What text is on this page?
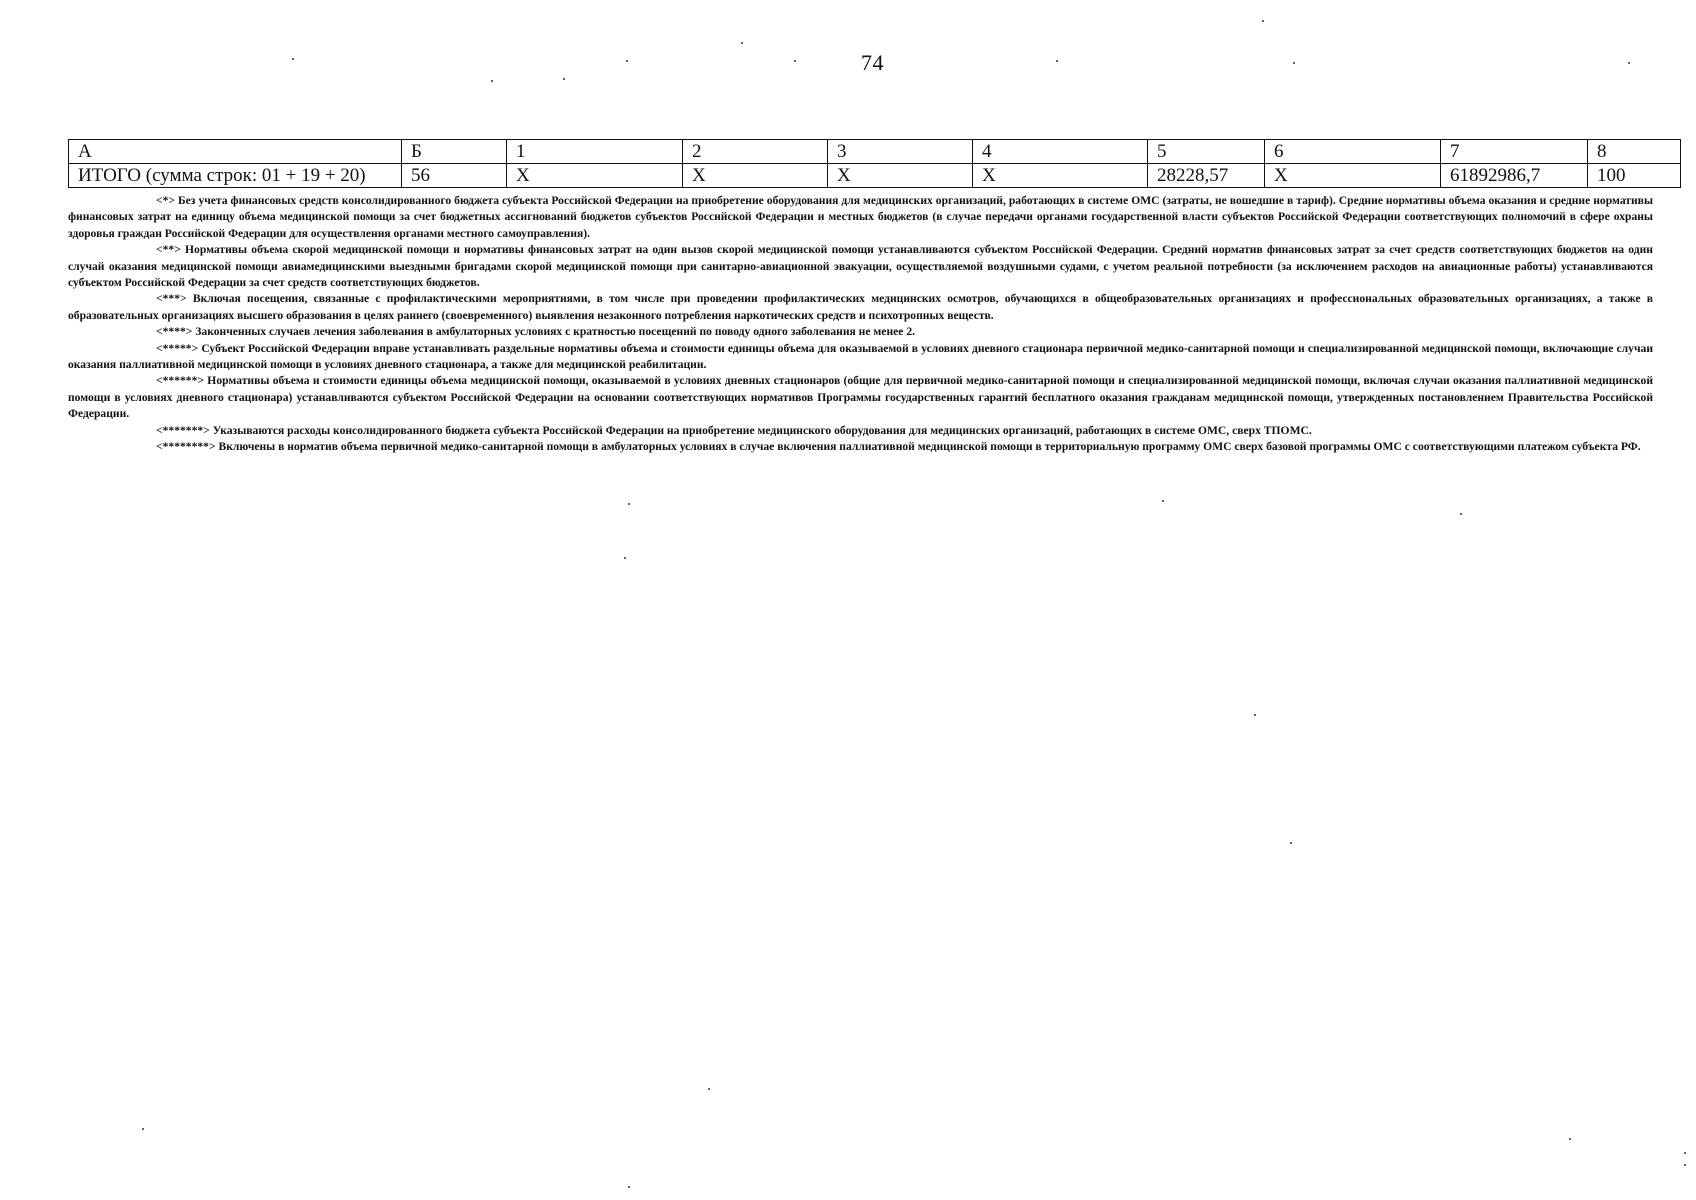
74
А	Б	1	2	3	4	5	6	7	8
ИТОГО (сумма строк: 01 + 19 + 20)	56	Х	Х	Х	Х	28228,57	Х	61892986,7	100

<*> Без учета финансовых средств консолидированного бюджета субъекта Российской Федерации на приобретение оборудования для медицинских организаций, работающих в системе ОМС (затраты, не вошедшие в тариф). Средние нормативы объема оказания и средние нормативы финансовых затрат на единицу объема медицинской помощи за счет бюджетных ассигнований бюджетов субъектов Российской Федерации и местных бюджетов (в случае передачи органами государственной власти субъектов Российской Федерации соответствующих полномочий в сфере охраны здоровья граждан Российской Федерации для осуществления органами местного самоуправления).

<**> Нормативы объема скорой медицинской помощи и нормативы финансовых затрат на один вызов скорой медицинской помощи устанавливаются субъектом Российской Федерации. Средний норматив финансовых затрат за счет средств соответствующих бюджетов на один случай оказания медицинской помощи авиамедицинскими выездными бригадами скорой медицинской помощи при санитарно-авиационной эвакуации, осуществляемой воздушными судами, с учетом реальной потребности (за исключением расходов на авиационные работы) устанавливаются субъектом Российской Федерации за счет средств соответствующих бюджетов.

<***> Включая посещения, связанные с профилактическими мероприятиями, в том числе при проведении профилактических медицинских осмотров, обучающихся в общеобразовательных организациях и профессиональных образовательных организациях, а также в образовательных организациях высшего образования в целях раннего (своевременного) выявления незаконного потребления наркотических средств и психотропных веществ.

<****> Законченных случаев лечения заболевания в амбулаторных условиях с кратностью посещений по поводу одного заболевания не менее 2.

<*****> Субъект Российской Федерации вправе устанавливать раздельные нормативы объема и стоимости единицы объема для оказываемой в условиях дневного стационара первичной медико-санитарной помощи и специализированной медицинской помощи, включающие случаи оказания паллиативной медицинской помощи в условиях дневного стационара, а также для медицинской реабилитации.

<******> Нормативы объема и стоимости единицы объема медицинской помощи, оказываемой в условиях дневных стационаров (общие для первичной медико-санитарной помощи и специализированной медицинской помощи, включая случаи оказания паллиативной медицинской помощи в условиях дневного стационара) устанавливаются субъектом Российской Федерации на основании соответствующих нормативов Программы государственных гарантий бесплатного оказания гражданам медицинской помощи, утвержденных постановлением Правительства Российской Федерации.

<*******> Указываются расходы консолидированного бюджета субъекта Российской Федерации на приобретение медицинского оборудования для медицинских организаций, работающих в системе ОМС, сверх ТПОМС.

<********> Включены в норматив объема первичной медико-санитарной помощи в амбулаторных условиях в случае включения паллиативной медицинской помощи в территориальную программу ОМС сверх базовой программы ОМС с соответствующими платежом субъекта РФ.
